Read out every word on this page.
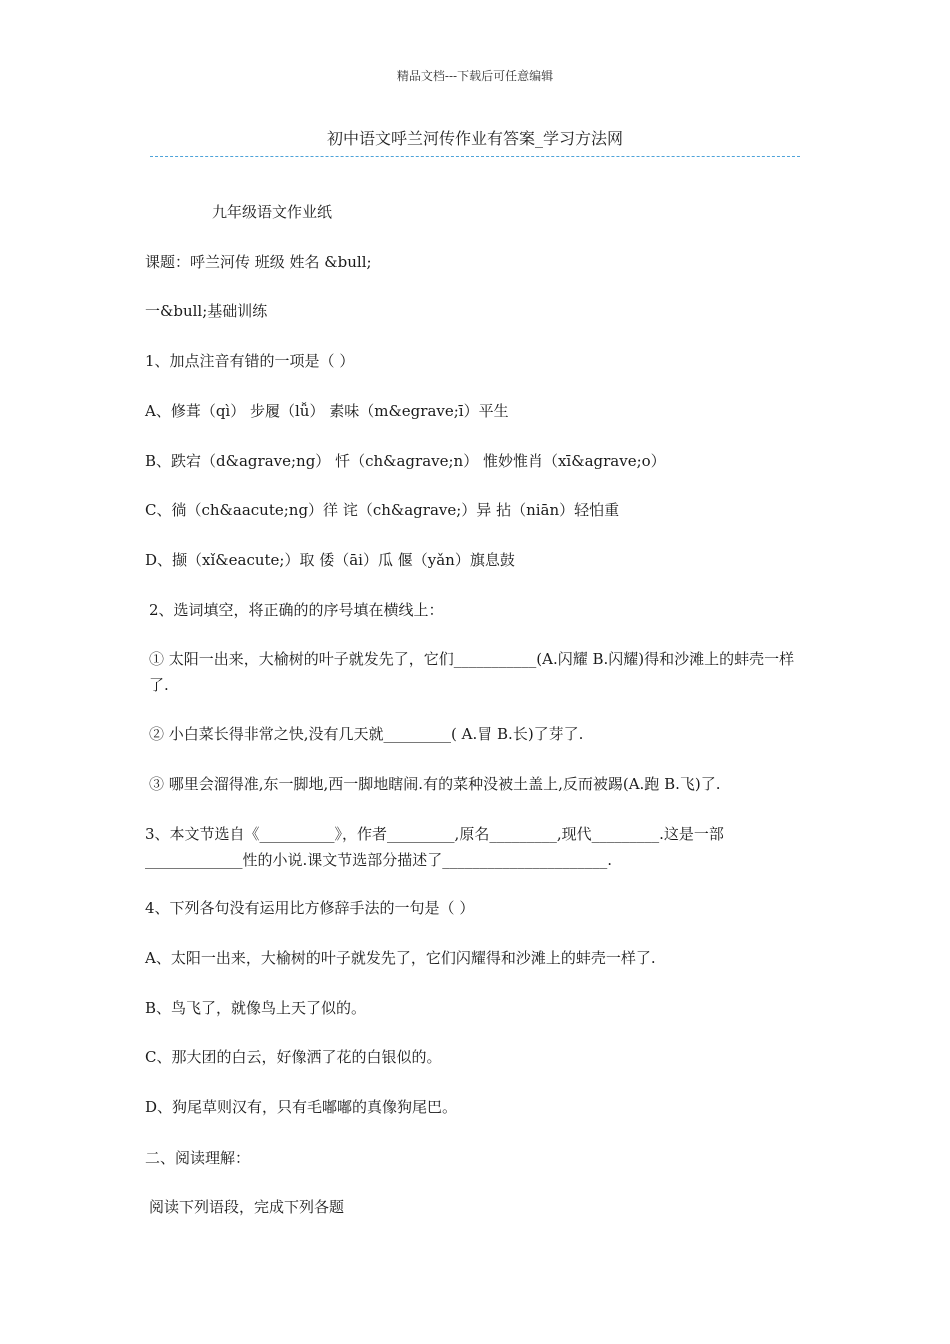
精品文档---下载后可任意编辑
初中语文呼兰河传作业有答案_学习方法网
九年级语文作业纸
课题：呼兰河传 班级 姓名 &bull;
一&bull;基础训练
1、加点注音有错的一项是（ ）
A、修葺（qì） 步履（lǚ） 素味（m&egrave;ī）平生
B、跌宕（d&agrave;ng） 忏（ch&agrave;n） 惟妙惟肖（xī&agrave;o）
C、徜（ch&aacute;ng）徉 诧（ch&agrave;）异 拈（niān）轻怕重
D、撷（xǐ&eacute;）取 倭（āi）瓜 偃（yǎn）旗息鼓
2、选词填空，将正确的的序号填在横线上：
① 太阳一出来，大榆树的叶子就发先了，它们___________(A.闪耀 B.闪耀)得和沙滩上的蚌壳一样了.
② 小白菜长得非常之快,没有几天就_________( A.冒 B.长)了芽了.
③ 哪里会溜得准,东一脚地,西一脚地瞎闹.有的菜种没被土盖上,反而被踢(A.跑 B.飞)了.
3、本文节选自《__________》，作者_________,原名_________,现代_________.这是一部_____________性的小说.课文节选部分描述了______________________.
4、下列各句没有运用比方修辞手法的一句是（ ）
A、太阳一出来，大榆树的叶子就发先了，它们闪耀得和沙滩上的蚌壳一样了.
B、鸟飞了，就像鸟上天了似的。
C、那大团的白云，好像洒了花的白银似的。
D、狗尾草则汉有，只有毛嘟嘟的真像狗尾巴。
二、阅读理解：
阅读下列语段，完成下列各题
